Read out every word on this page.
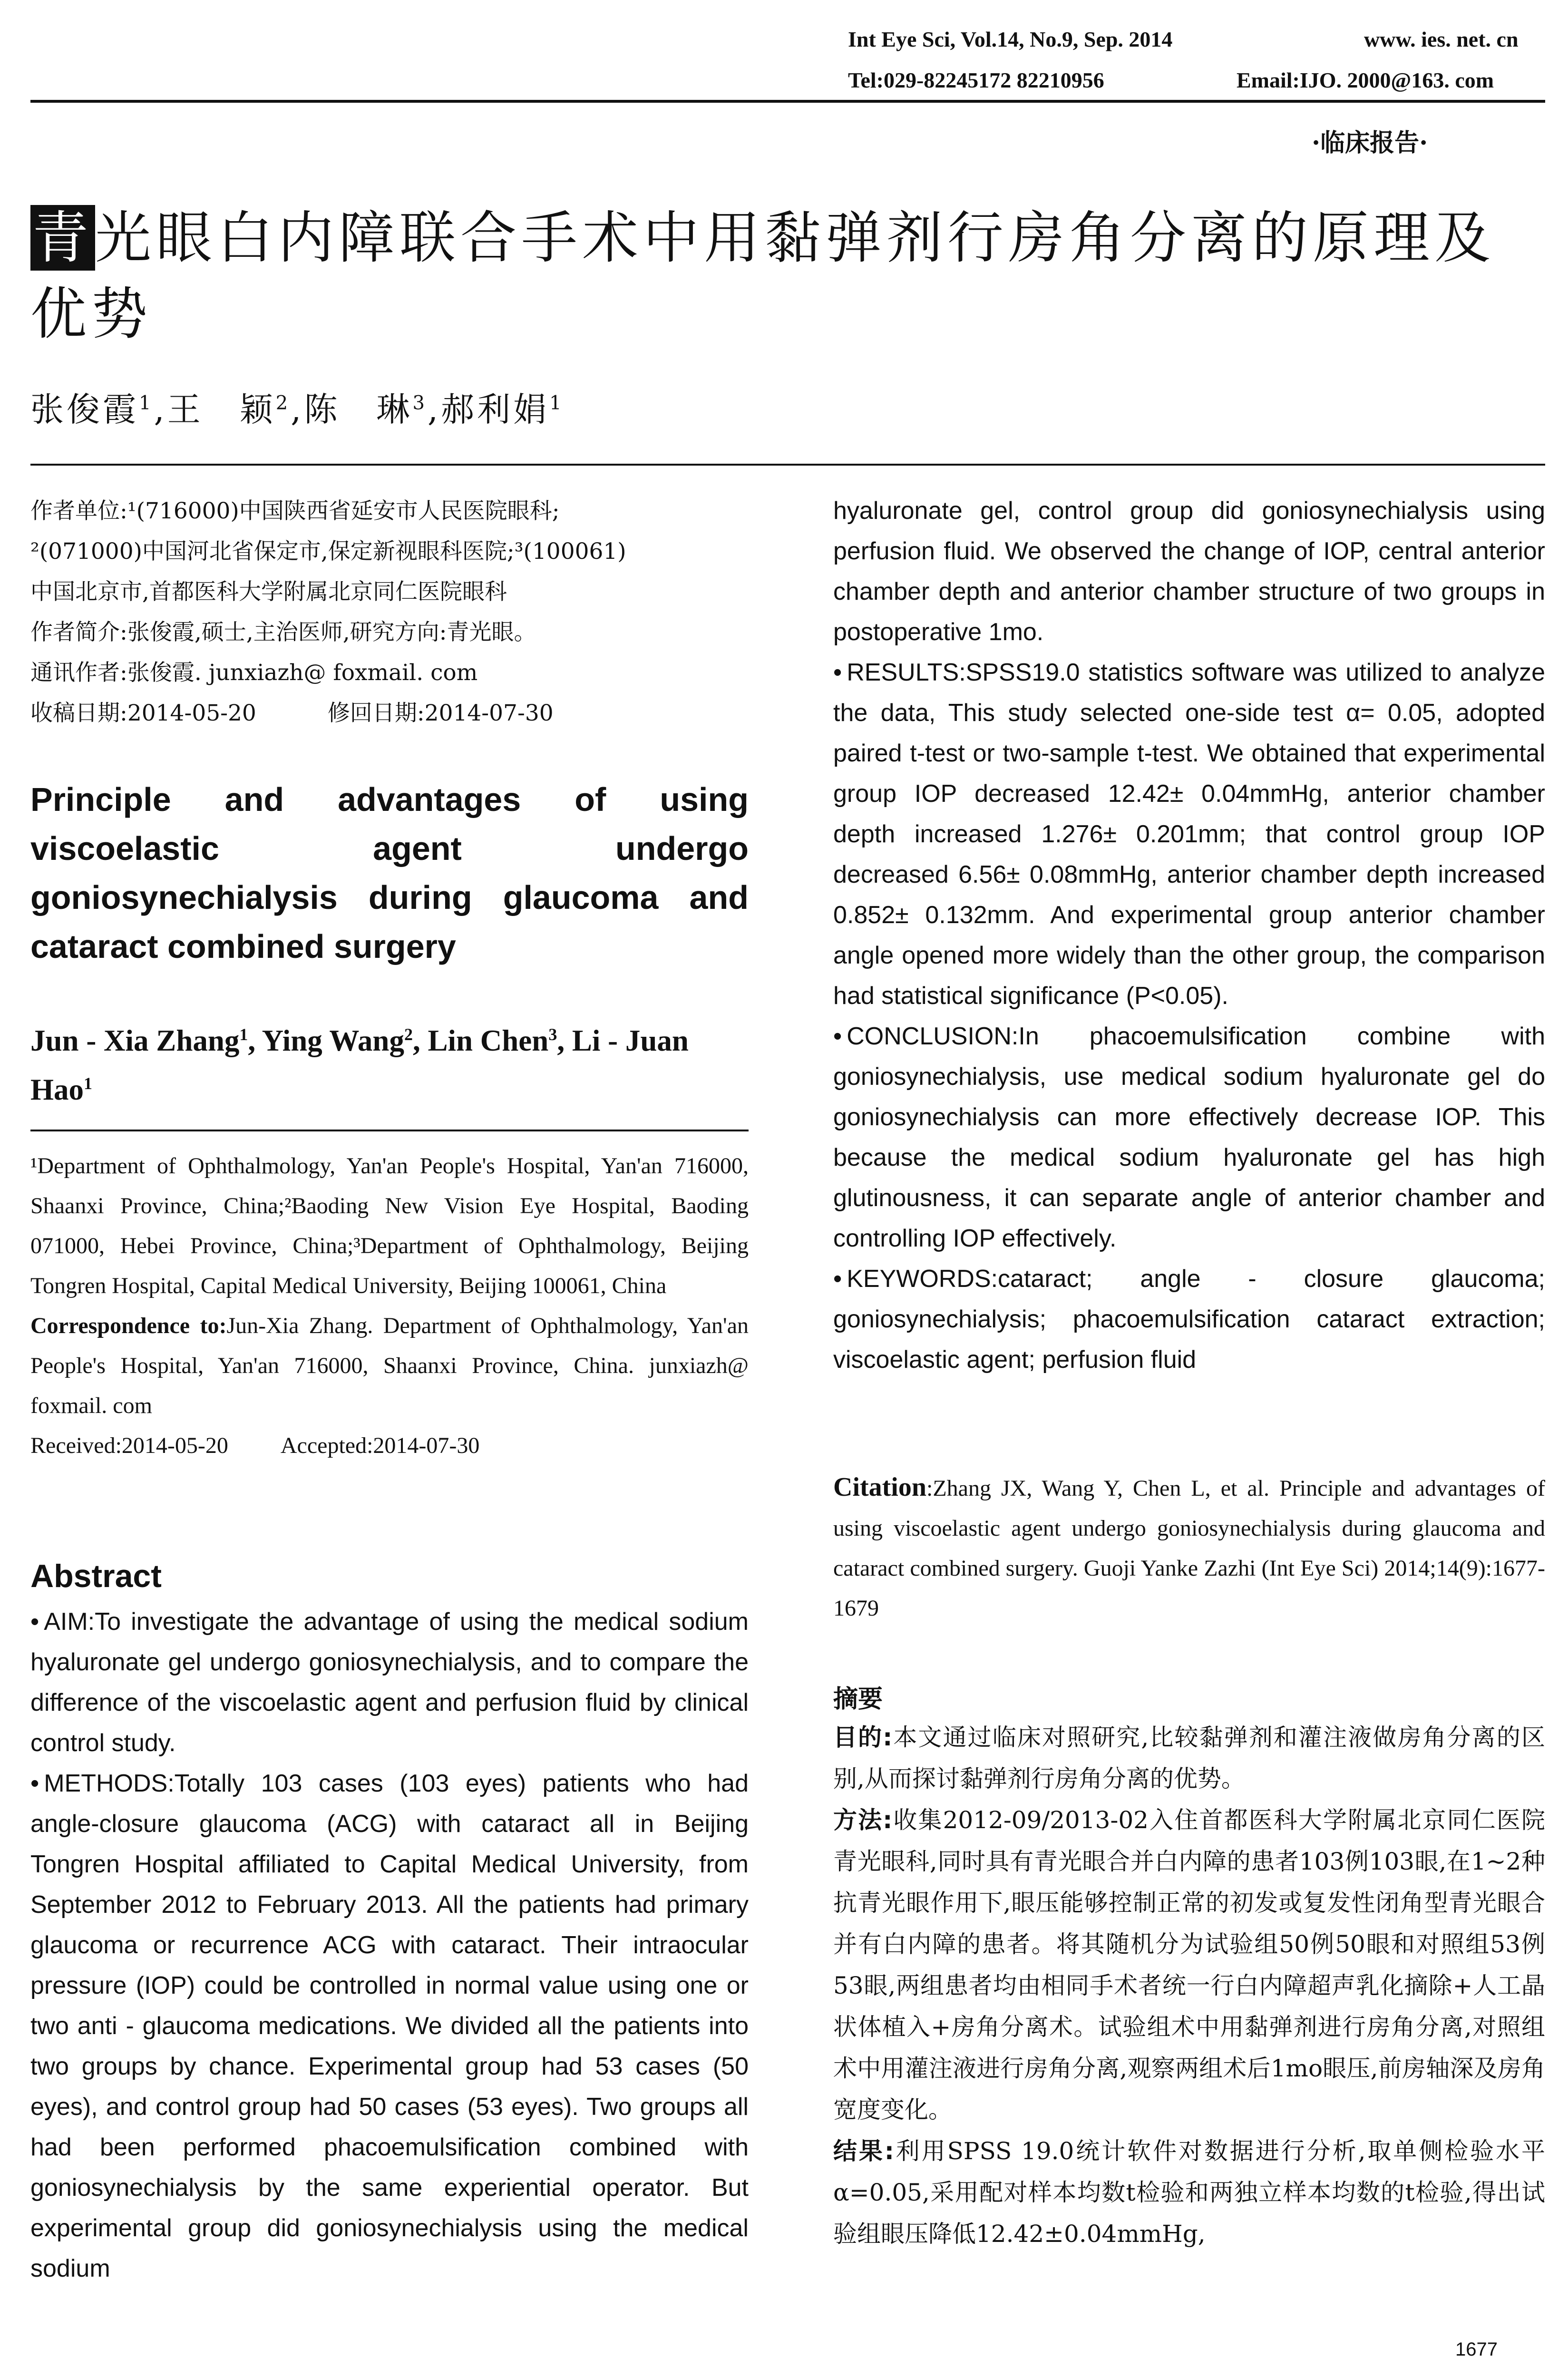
Int Eye Sci, Vol.14, No.9, Sep. 2014	www. ies. net. cn
Tel:029-82245172 82210956	Email:IJO. 2000@163. com
·临床报告·
青光眼白内障联合手术中用黏弹剂行房角分离的原理及
优势
张俊霞$^1$,王　颖$^2$,陈　琳$^3$,郝利娟$^1$
作者单位:¹(716000)中国陕西省延安市人民医院眼科;
²(071000)中国河北省保定市,保定新视眼科医院;³(100061)
中国北京市,首都医科大学附属北京同仁医院眼科
作者简介:张俊霞,硕士,主治医师,研究方向:青光眼。
通讯作者:张俊霞. junxiazh@ foxmail. com
收稿日期:2014-05-20	修回日期:2014-07-30
Principle and advantages of using viscoelastic agent undergo goniosynechialysis during glaucoma and cataract combined surgery
Jun - Xia Zhang$^1$, Ying Wang$^2$, Lin Chen$^3$, Li - Juan Hao$^1$

¹Department of Ophthalmology, Yan'an People's Hospital, Yan'an 716000, Shaanxi Province, China;²Baoding New Vision Eye Hospital, Baoding 071000, Hebei Province, China;³Department of Ophthalmology, Beijing Tongren Hospital, Capital Medical University, Beijing 100061, China

Correspondence to:Jun-Xia Zhang. Department of Ophthalmology, Yan'an People's Hospital, Yan'an 716000, Shaanxi Province, China. junxiazh@ foxmail. com

Received:2014-05-20 Accepted:2014-07-30

Abstract

• AIM:To investigate the advantage of using the medical sodium hyaluronate gel undergo goniosynechialysis, and to compare the difference of the viscoelastic agent and perfusion fluid by clinical control study.

• METHODS:Totally 103 cases (103 eyes) patients who had angle-closure glaucoma (ACG) with cataract all in Beijing Tongren Hospital affiliated to Capital Medical University, from September 2012 to February 2013. All the patients had primary glaucoma or recurrence ACG with cataract. Their intraocular pressure (IOP) could be controlled in normal value using one or two anti - glaucoma medications. We divided all the patients into two groups by chance. Experimental group had 53 cases (50 eyes), and control group had 50 cases (53 eyes). Two groups all had been performed phacoemulsification combined with goniosynechialysis by the same experiential operator. But experimental group did goniosynechialysis using the medical sodium

hyaluronate gel, control group did goniosynechialysis using perfusion fluid. We observed the change of IOP, central anterior chamber depth and anterior chamber structure of two groups in postoperative 1mo.

• RESULTS:SPSS19.0 statistics software was utilized to analyze the data, This study selected one-side test α= 0.05, adopted paired t-test or two-sample t-test. We obtained that experimental group IOP decreased 12.42± 0.04mmHg, anterior chamber depth increased 1.276± 0.201mm; that control group IOP decreased 6.56± 0.08mmHg, anterior chamber depth increased 0.852± 0.132mm. And experimental group anterior chamber angle opened more widely than the other group, the comparison had statistical significance (P<0.05).

• CONCLUSION:In phacoemulsification combine with goniosynechialysis, use medical sodium hyaluronate gel do goniosynechialysis can more effectively decrease IOP. This because the medical sodium hyaluronate gel has high glutinousness, it can separate angle of anterior chamber and controlling IOP effectively.

• KEYWORDS:cataract; angle - closure glaucoma; goniosynechialysis; phacoemulsification cataract extraction; viscoelastic agent; perfusion fluid

Citation:Zhang JX, Wang Y, Chen L, et al. Principle and advantages of using viscoelastic agent undergo goniosynechialysis during glaucoma and cataract combined surgery. Guoji Yanke Zazhi (Int Eye Sci) 2014;14(9):1677-1679
摘要

目的:本文通过临床对照研究,比较黏弹剂和灌注液做房角分离的区别,从而探讨黏弹剂行房角分离的优势。

方法:收集2012-09/2013-02入住首都医科大学附属北京同仁医院青光眼科,同时具有青光眼合并白内障的患者103例103眼,在1~2种抗青光眼作用下,眼压能够控制正常的初发或复发性闭角型青光眼合并有白内障的患者。将其随机分为试验组50例50眼和对照组53例53眼,两组患者均由相同手术者统一行白内障超声乳化摘除+人工晶状体植入+房角分离术。试验组术中用黏弹剂进行房角分离,对照组术中用灌注液进行房角分离,观察两组术后1mo眼压,前房轴深及房角宽度变化。

结果:利用SPSS 19.0统计软件对数据进行分析,取单侧检验水平α=0.05,采用配对样本均数t检验和两独立样本均数的t检验,得出试验组眼压降低12.42±0.04mmHg,

1677
